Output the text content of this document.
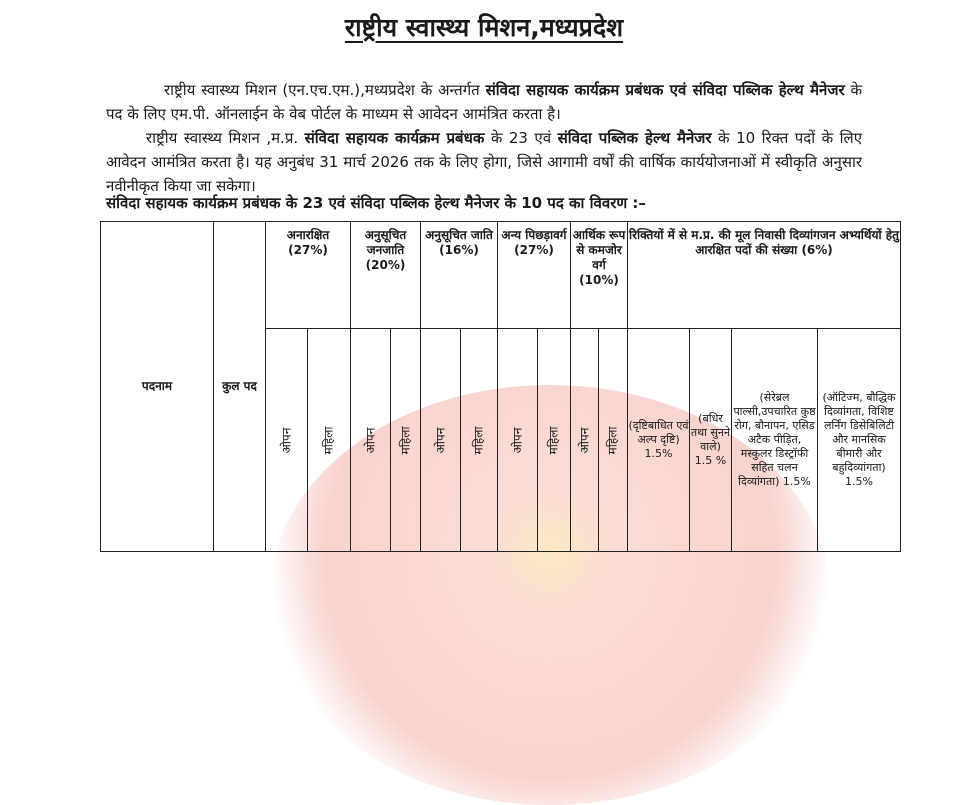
राष्ट्रीय स्वास्थ्य मिशन,मध्यप्रदेश
राष्ट्रीय स्वास्थ्य मिशन (एन.एच.एम.),मध्यप्रदेश के अन्तर्गत संविदा सहायक कार्यक्रम प्रबंधक एवं संविदा पब्लिक हेल्थ मैनेजर के पद के लिए एम.पी. ऑनलाईन के वेब पोर्टल के माध्यम से आवेदन आमंत्रित करता है।
राष्ट्रीय स्वास्थ्य मिशन ,म.प्र. संविदा सहायक कार्यक्रम प्रबंधक के 23 एवं संविदा पब्लिक हेल्थ मैनेजर के 10 रिक्त पदों के लिए आवेदन आमंत्रित करता है। यह अनुबंध 31 मार्च 2026 तक के लिए होगा, जिसे आगामी वर्षों की वार्षिक कार्ययोजनाओं में स्वीकृति अनुसार नवीनीकृत किया जा सकेगा।
संविदा सहायक कार्यक्रम प्रबंधक के 23 एवं संविदा पब्लिक हेल्थ मैनेजर के 10 पद का विवरण :–
पदनाम	कुल पद	अनारक्षित (27%)		अनुसूचित जनजाति (20%)		अनुसूचित जाति (16%)		अन्य पिछड़ावर्ग (27%)		आर्थिक रूप से कमजोर वर्ग (10%)		रिक्तियों में से म.प्र. की मूल निवासी दिव्यांगजन अभ्यर्थियों हेतु आरक्षित पदों की संख्या (6%)			
		ओपन	महिला	ओपन	महिला	ओपन	महिला	ओपन	महिला	ओपन	महिला	(दृष्टिबाधित एवं अल्प दृष्टि) 1.5%	(बधिर तथा सुनने वाले) 1.5 %	(सेरेब्रल पाल्सी,उपचारित कुष्ठ रोग, बौनापन, एसिड अटैक पीड़ित, मस्कुलर डिस्ट्रॉफी सहित चलन दिव्यांगता) 1.5%	(ऑटिज्म, बौद्धिक दिव्यांगता, विशिष्ट लर्निंग डिसेबिलिटी और मानसिक बीमारी और बहुदिव्यांगता) 1.5%
